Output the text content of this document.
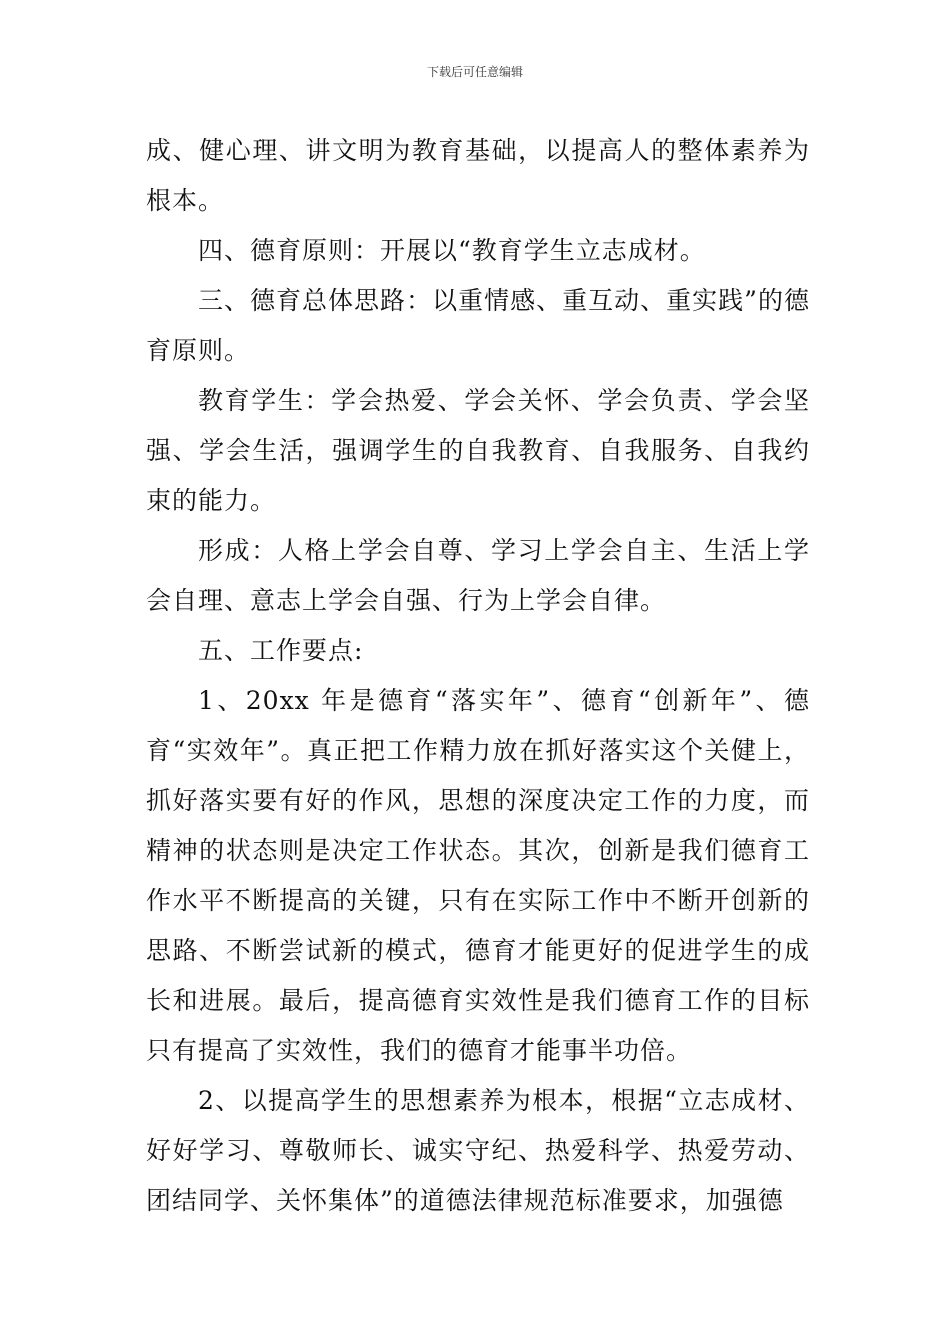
下载后可任意编辑

成、健心理、讲文明为教育基础，以提高人的整体素养为根本。

四、德育原则：开展以“教育学生立志成材。

三、德育总体思路：以重情感、重互动、重实践”的德育原则。

教育学生：学会热爱、学会关怀、学会负责、学会坚强、学会生活，强调学生的自我教育、自我服务、自我约束的能力。

形成：人格上学会自尊、学习上学会自主、生活上学会自理、意志上学会自强、行为上学会自律。

五、工作要点:

1、20xx 年是德育“落实年”、德育“创新年”、德育“实效年”。真正把工作精力放在抓好落实这个关健上，抓好落实要有好的作风，思想的深度决定工作的力度，而精神的状态则是决定工作状态。其次，创新是我们德育工作水平不断提高的关键，只有在实际工作中不断开创新的思路、不断尝试新的模式，德育才能更好的促进学生的成长和进展。最后，提高德育实效性是我们德育工作的目标只有提高了实效性，我们的德育才能事半功倍。

2、以提高学生的思想素养为根本，根据“立志成材、好好学习、尊敬师长、诚实守纪、热爱科学、热爱劳动、团结同学、关怀集体”的道德法律规范标准要求，加强德
